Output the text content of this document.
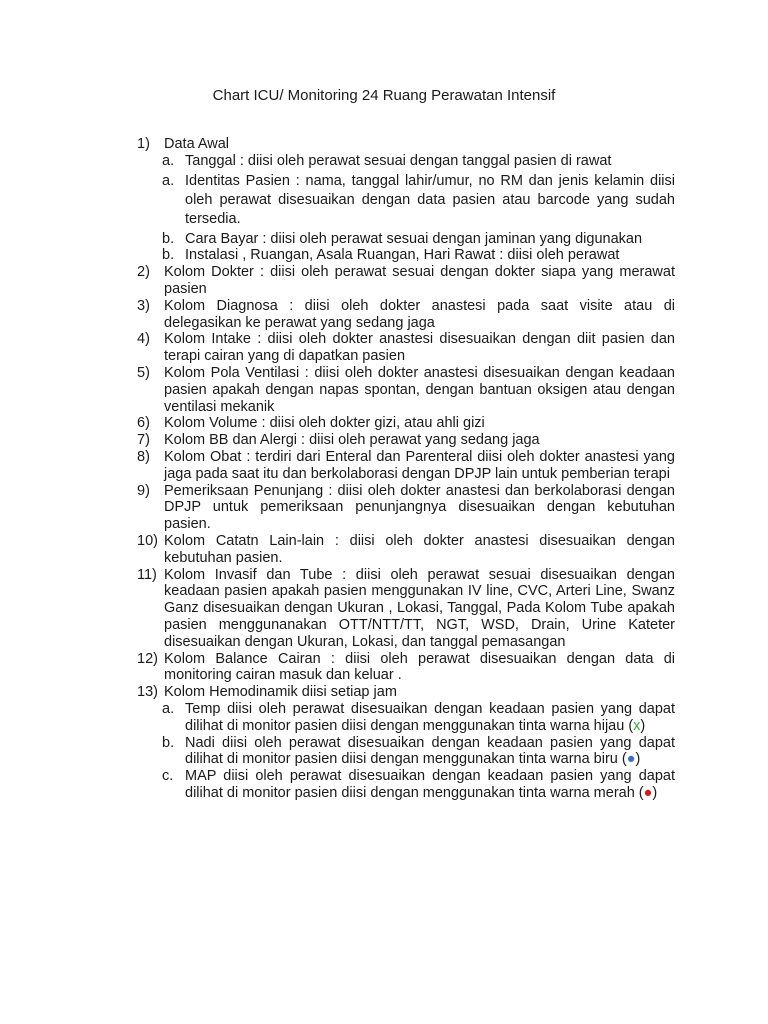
Chart ICU/ Monitoring 24 Ruang Perawatan Intensif
1) Data Awal
a. Tanggal : diisi oleh perawat sesuai dengan tanggal pasien di rawat
a. Identitas Pasien : nama, tanggal lahir/umur, no RM dan jenis kelamin diisi oleh perawat disesuaikan dengan data pasien atau barcode yang sudah tersedia.
b. Cara Bayar : diisi oleh perawat sesuai dengan jaminan yang digunakan
b. Instalasi , Ruangan, Asala Ruangan, Hari Rawat : diisi oleh perawat
2) Kolom Dokter : diisi oleh perawat sesuai dengan dokter siapa yang merawat pasien
3) Kolom Diagnosa : diisi oleh dokter anastesi pada saat visite atau di delegasikan ke perawat yang sedang jaga
4) Kolom Intake : diisi oleh dokter anastesi disesuaikan dengan diit pasien dan terapi cairan yang di dapatkan pasien
5) Kolom Pola Ventilasi : diisi oleh dokter anastesi disesuaikan dengan keadaan pasien apakah dengan napas spontan, dengan bantuan oksigen atau dengan ventilasi mekanik
6) Kolom Volume : diisi oleh dokter gizi, atau ahli gizi
7) Kolom BB dan Alergi : diisi oleh perawat yang sedang jaga
8) Kolom Obat : terdiri dari Enteral dan Parenteral diisi oleh dokter anastesi yang jaga pada saat itu dan berkolaborasi dengan DPJP lain untuk pemberian terapi
9) Pemeriksaan Penunjang : diisi oleh dokter anastesi dan berkolaborasi dengan DPJP untuk pemeriksaan penunjangnya disesuaikan dengan kebutuhan pasien.
10) Kolom Catatn Lain-lain : diisi oleh dokter anastesi disesuaikan dengan kebutuhan pasien.
11) Kolom Invasif dan Tube : diisi oleh perawat sesuai disesuaikan dengan keadaan pasien apakah pasien menggunakan IV line, CVC, Arteri Line, Swanz Ganz disesuaikan dengan Ukuran , Lokasi, Tanggal, Pada Kolom Tube apakah pasien menggunanakan OTT/NTT/TT, NGT, WSD, Drain, Urine Kateter disesuaikan dengan Ukuran, Lokasi, dan tanggal pemasangan
12) Kolom Balance Cairan : diisi oleh perawat disesuaikan dengan data di monitoring cairan masuk dan keluar .
13) Kolom Hemodinamik diisi setiap jam
a. Temp diisi oleh perawat disesuaikan dengan keadaan pasien yang dapat dilihat di monitor pasien diisi dengan menggunakan tinta warna hijau (x)
b. Nadi diisi oleh perawat disesuaikan dengan keadaan pasien yang dapat dilihat di monitor pasien diisi dengan menggunakan tinta warna biru (●)
c. MAP diisi oleh perawat disesuaikan dengan keadaan pasien yang dapat dilihat di monitor pasien diisi dengan menggunakan tinta warna merah (●)
